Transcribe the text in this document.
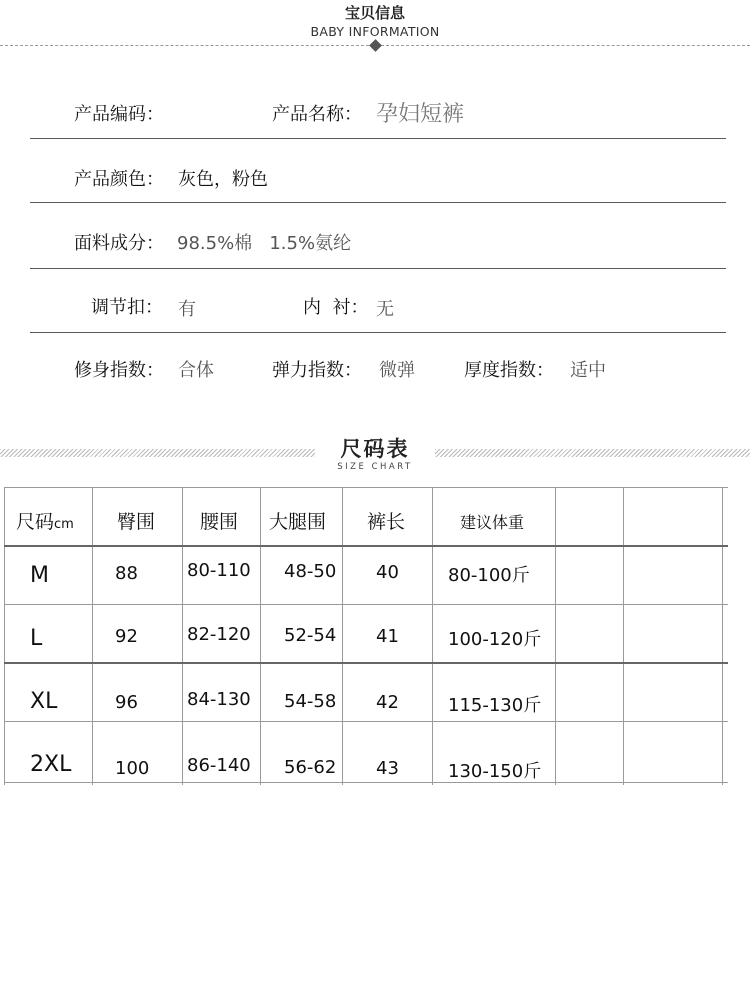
宝贝信息
BABY INFORMATION
产品编码：	产品名称： 孕妇短裤
产品颜色： 灰色，粉色
面料成分： 98.5%棉   1.5%氨纶
调节扣： 有	内  衬： 无
修身指数： 合体	弹力指数： 微弹	厚度指数： 适中
尺码表
SIZE CHART
尺码cm 臀围 腰围 大腿围 裤长	建议体重
M	88	80-110 48-50 40	80-100斤
L	92	82-120 52-54 41	100-120斤
XL	96	84-130 54-58 42	115-130斤
2XL 100 86-140 56-62 43	130-150斤
